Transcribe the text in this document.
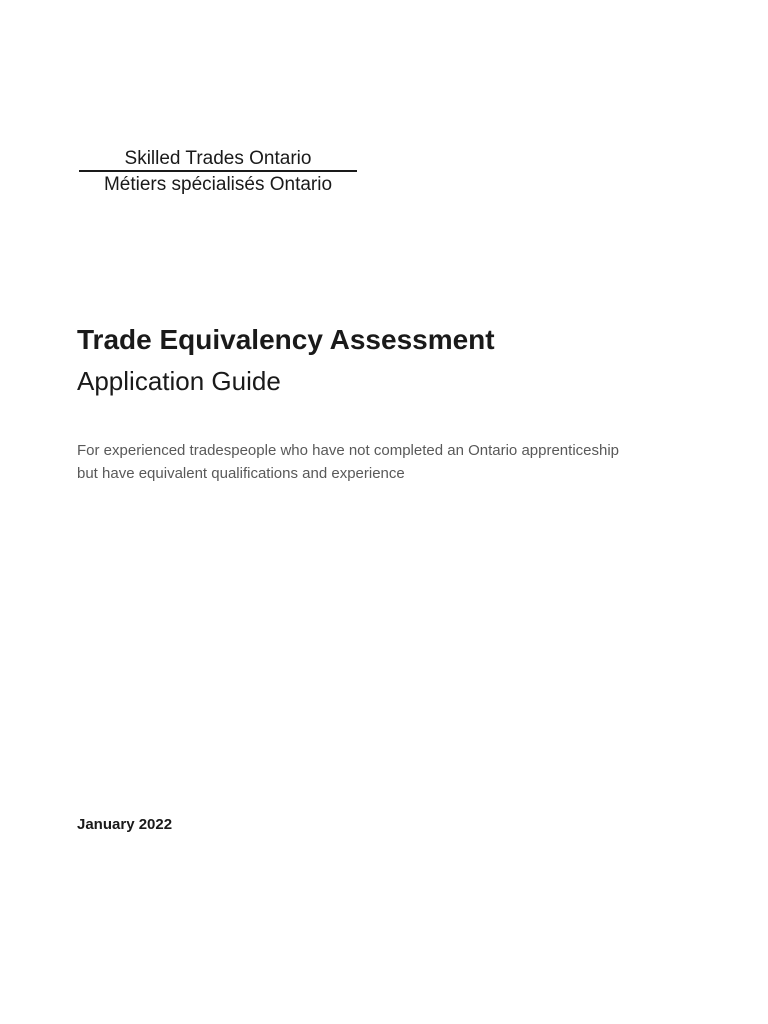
Skilled Trades Ontario
Métiers spécialisés Ontario
Trade Equivalency Assessment
Application Guide

For experienced tradespeople who have not completed an Ontario apprenticeship

but have equivalent qualifications and experience

January 2022
